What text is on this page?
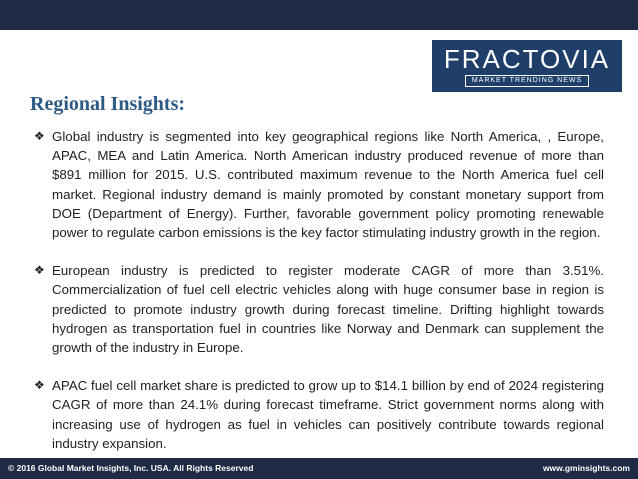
FRACTOVIA
MARKET TRENDING NEWS
Regional Insights:
❖ Global industry is segmented into key geographical regions like North America, , Europe, APAC, MEA and Latin America. North American industry produced revenue of more than $891 million for 2015. U.S. contributed maximum revenue to the North America fuel cell market. Regional industry demand is mainly promoted by constant monetary support from DOE (Department of Energy). Further, favorable government policy promoting renewable power to regulate carbon emissions is the key factor stimulating industry growth in the region.
❖ European industry is predicted to register moderate CAGR of more than 3.51%. Commercialization of fuel cell electric vehicles along with huge consumer base in region is predicted to promote industry growth during forecast timeline. Drifting highlight towards hydrogen as transportation fuel in countries like Norway and Denmark can supplement the growth of the industry in Europe.
❖ APAC fuel cell market share is predicted to grow up to $14.1 billion by end of 2024 registering CAGR of more than 24.1% during forecast timeframe. Strict government norms along with increasing use of hydrogen as fuel in vehicles can positively contribute towards regional industry expansion.
© 2016 Global Market Insights, Inc. USA. All Rights Reserved	www.gminsights.com
